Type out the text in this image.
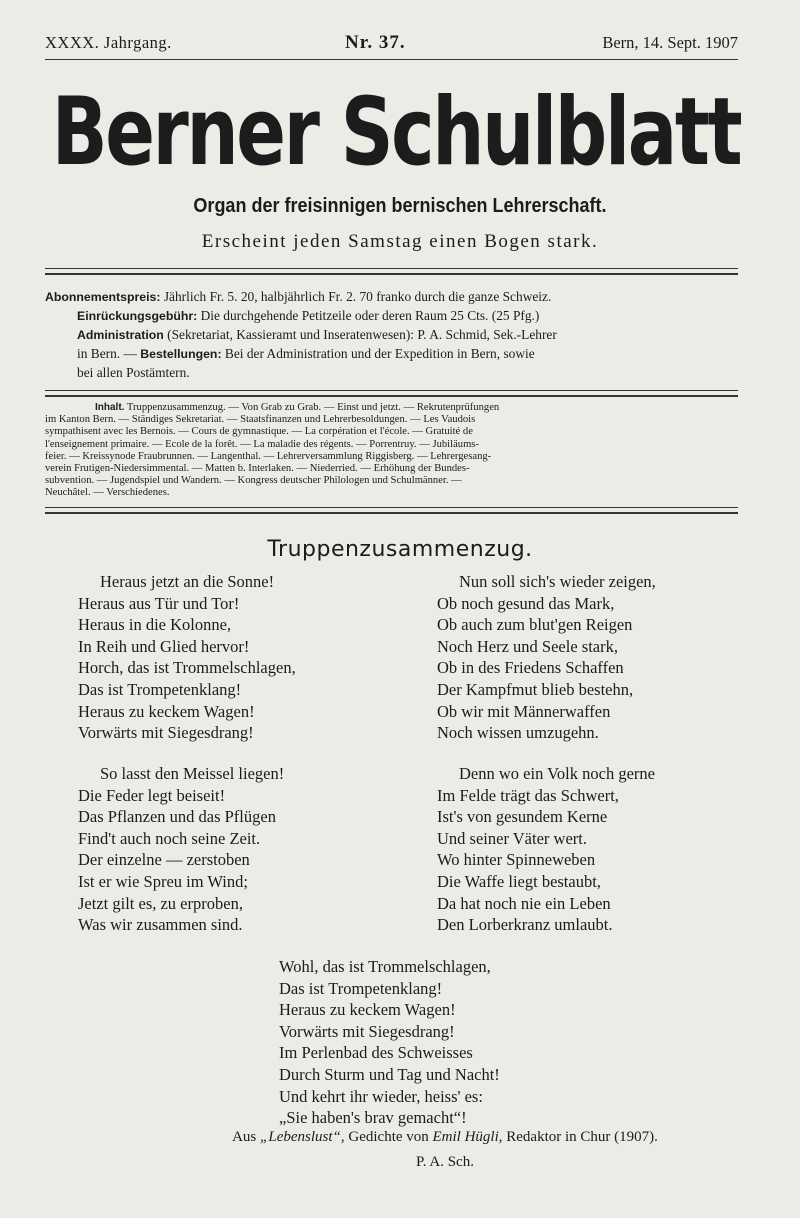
XXXX. Jahrgang.	Nr. 37.	Bern, 14. Sept. 1907
Berner Schulblatt
Organ der freisinnigen bernischen Lehrerschaft.
Erscheint jeden Samstag einen Bogen stark.
Abonnementspreis: Jährlich Fr. 5. 20, halbjährlich Fr. 2. 70 franko durch die ganze Schweiz.
Einrückungsgebühr: Die durchgehende Petitzeile oder deren Raum 25 Cts. (25 Pfg.)
Administration (Sekretariat, Kassieramt und Inseratenwesen): P. A. Schmid, Sek.-Lehrer
in Bern. — Bestellungen: Bei der Administration und der Expedition in Bern, sowie
bei allen Postämtern.
Inhalt. Truppenzusammenzug. — Von Grab zu Grab. — Einst und jetzt. — Rekrutenprüfungen
im Kanton Bern. — Ständiges Sekretariat. — Staatsfinanzen und Lehrerbesoldungen. — Les Vaudois
sympathisent avec les Bernois. — Cours de gymnastique. — La corpération et l'école. — Gratuité de
l'enseignement primaire. — Ecole de la forêt. — La maladie des régents. — Porrentruy. — Jubiläums-
feier. — Kreissynode Fraubrunnen. — Langenthal. — Lehrerversammlung Riggisberg. — Lehrergesang-
verein Frutigen-Niedersimmental. — Matten b. Interlaken. — Niederried. — Erhöhung der Bundes-
subvention. — Jugendspiel und Wandern. — Kongress deutscher Philologen und Schulmänner. —
Neuchâtel. — Verschiedenes.
Truppenzusammenzug.
Heraus jetzt an die Sonne!
Heraus aus Tür und Tor!
Heraus in die Kolonne,
In Reih und Glied hervor!
Horch, das ist Trommelschlagen,
Das ist Trompetenklang!
Heraus zu keckem Wagen!
Vorwärts mit Siegesdrang!
Nun soll sich's wieder zeigen,
Ob noch gesund das Mark,
Ob auch zum blut'gen Reigen
Noch Herz und Seele stark,
Ob in des Friedens Schaffen
Der Kampfmut blieb bestehn,
Ob wir mit Männerwaffen
Noch wissen umzugehn.
So lasst den Meissel liegen!
Die Feder legt beiseit!
Das Pflanzen und das Pflügen
Find't auch noch seine Zeit.
Der einzelne — zerstoben
Ist er wie Spreu im Wind;
Jetzt gilt es, zu erproben,
Was wir zusammen sind.
Denn wo ein Volk noch gerne
Im Felde trägt das Schwert,
Ist's von gesundem Kerne
Und seiner Väter wert.
Wo hinter Spinneweben
Die Waffe liegt bestaubt,
Da hat noch nie ein Leben
Den Lorberkranz umlaubt.
Wohl, das ist Trommelschlagen,
Das ist Trompetenklang!
Heraus zu keckem Wagen!
Vorwärts mit Siegesdrang!
Im Perlenbad des Schweisses
Durch Sturm und Tag und Nacht!
Und kehrt ihr wieder, heiss' es:
„Sie haben's brav gemacht“!
Aus „Lebenslust“, Gedichte von Emil Hügli, Redaktor in Chur (1907).
P. A. Sch.
